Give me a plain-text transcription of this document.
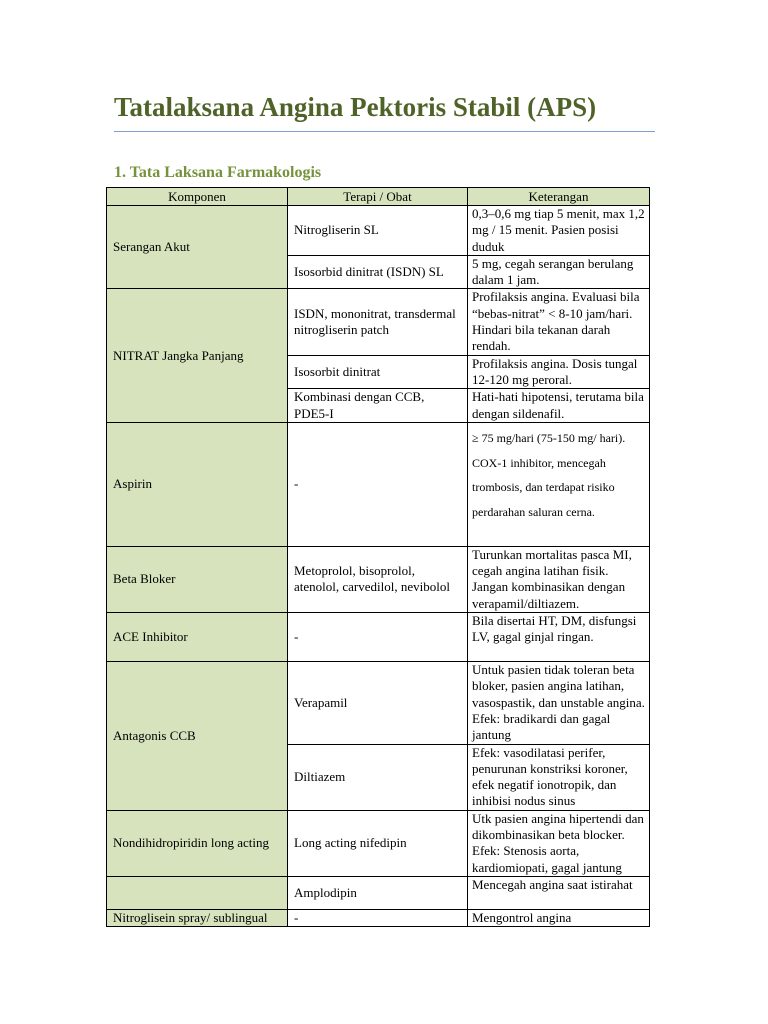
Tatalaksana Angina Pektoris Stabil (APS)
1. Tata Laksana Farmakologis
Komponen	Terapi / Obat	Keterangan
Serangan Akut	Nitrogliserin SL	0,3–0,6 mg tiap 5 menit, max 1,2 mg / 15 menit. Pasien posisi duduk
	Isosorbid dinitrat (ISDN) SL	5 mg, cegah serangan berulang dalam 1 jam.
NITRAT Jangka Panjang	ISDN, mononitrat, transdermal nitrogliserin patch	Profilaksis angina. Evaluasi bila “bebas-nitrat” < 8-10 jam/hari. Hindari bila tekanan darah rendah.
	Isosorbit dinitrat	Profilaksis angina. Dosis tungal 12-120 mg peroral.
	Kombinasi dengan CCB, PDE5-I	Hati-hati hipotensi, terutama bila dengan sildenafil.
Aspirin	-	≥ 75 mg/hari (75-150 mg/ hari). COX-1 inhibitor, mencegah trombosis, dan terdapat risiko perdarahan saluran cerna.
Beta Bloker	Metoprolol, bisoprolol, atenolol, carvedilol, nevibolol	Turunkan mortalitas pasca MI, cegah angina latihan fisik. Jangan kombinasikan dengan verapamil/diltiazem.
ACE Inhibitor	-	Bila disertai HT, DM, disfungsi LV, gagal ginjal ringan.
Antagonis CCB	Verapamil	Untuk pasien tidak toleran beta bloker, pasien angina latihan, vasospastik, dan unstable angina. Efek: bradikardi dan gagal jantung
	Diltiazem	Efek: vasodilatasi perifer, penurunan konstriksi koroner, efek negatif ionotropik, dan inhibisi nodus sinus
Nondihidropiridin long acting	Long acting nifedipin	Utk pasien angina hipertendi dan dikombinasikan beta blocker. Efek: Stenosis aorta, kardiomiopati, gagal jantung
	Amplodipin	Mencegah angina saat istirahat
Nitroglisein spray/ sublingual	-	Mengontrol angina
